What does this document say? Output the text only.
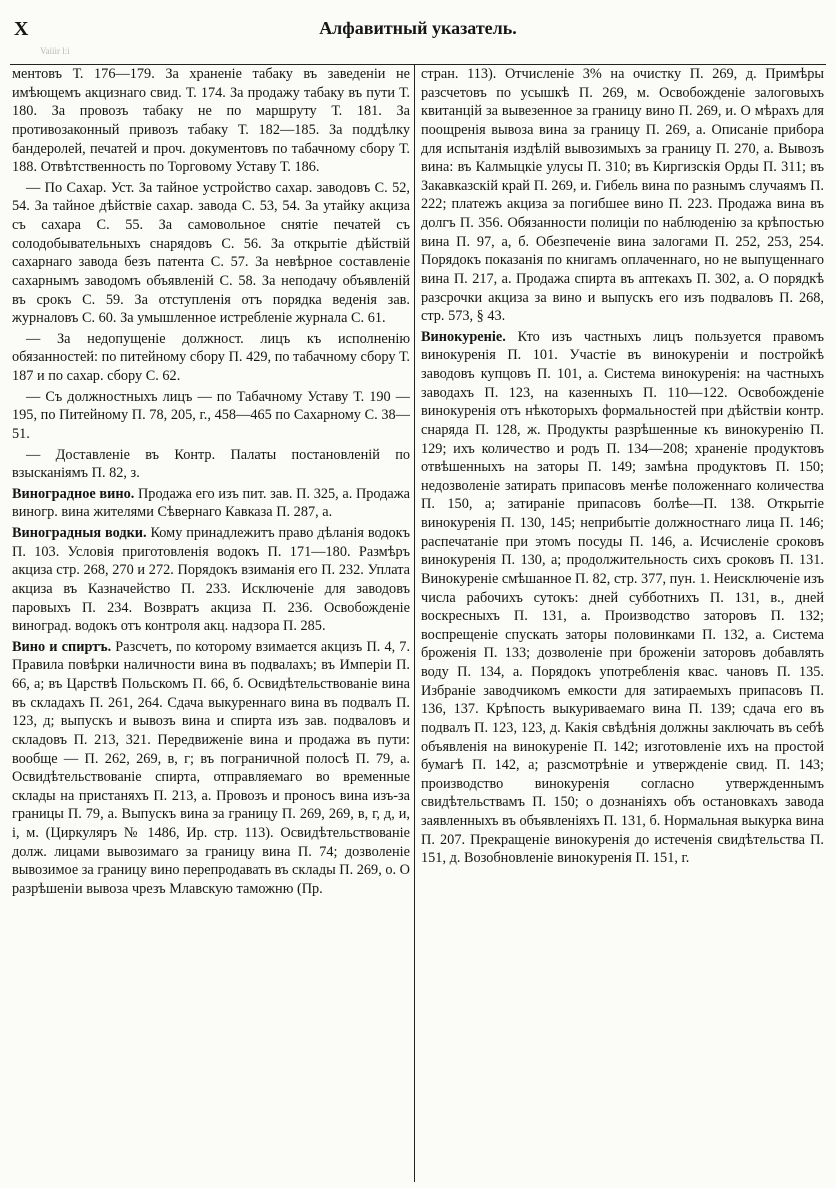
X	Алфавитный указатель.
Vaiiir l:i

ментовъ Т. 176—179. За храненіе табаку въ заведеніи не имѣющемъ акцизнаго свид. Т. 174. За продажу табаку въ пути Т. 180. За провозъ табаку не по маршруту Т. 181. За противозаконный привозъ табаку Т. 182—185. За поддѣлку бандеролей, печатей и проч. документовъ по табачному сбору Т. 188. Отвѣтственность по Торговому Уставу Т. 186.

— По Сахар. Уст. За тайное устройство сахар. заводовъ С. 52, 54. За тайное дѣйствіе сахар. завода С. 53, 54. За утайку акциза съ сахара С. 55. За самовольное снятіе печатей съ солодобывательныхъ снарядовъ С. 56. За открытіе дѣйствій сахарнаго завода безъ патента С. 57. За невѣрное составленіе сахарнымъ заводомъ объявленій С. 58. За неподачу объявленій въ срокъ С. 59. За отступленія отъ порядка веденія зав. журналовъ С. 60. За умышленное истребленіе журнала С. 61.

— За недопущеніе должност. лицъ къ исполненію обязанностей: по питейному сбору П. 429, по табачному сбору Т. 187 и по сахар. сбору С. 62.

— Съ должностныхъ лицъ — по Табачному Уставу Т. 190 — 195, по Питейному П. 78, 205, г., 458—465 по Сахарному С. 38—51.

— Доставленіе въ Контр. Палаты постановленій по взысканіямъ П. 82, з.

Виноградное вино. Продажа его изъ пит. зав. П. 325, а. Продажа виногр. вина жителями Сѣвернаго Кавказа П. 287, а.

Виноградныя водки. Кому принадлежитъ право дѣланія водокъ П. 103. Условія приготовленія водокъ П. 171—180. Размѣръ акциза стр. 268, 270 и 272. Порядокъ взиманія его П. 232. Уплата акциза въ Казначейство П. 233. Исключеніе для заводовъ паровыхъ П. 234. Возвратъ акциза П. 236. Освобожденіе виноград. водокъ отъ контроля акц. надзора П. 285.

Вино и спиртъ. Разсчетъ, по которому взимается акцизъ П. 4, 7. Правила повѣрки наличности вина въ подвалахъ; въ Имперіи П. 66, а; въ Царствѣ Польскомъ П. 66, б. Освидѣтельствованіе вина въ складахъ П. 261, 264. Сдача выкуреннаго вина въ подвалъ П. 123, д; выпускъ и вывозъ вина и спирта изъ зав. подваловъ и складовъ П. 213, 321. Передвиженіе вина и продажа въ пути: вообще — П. 262, 269, в, г; въ пограничной полосѣ П. 79, а. Освидѣтельствованіе спирта, отправляемаго во временные склады на пристаняхъ П. 213, а. Провозъ и проносъ вина изъ-за границы П. 79, а. Выпускъ вина за границу П. 269, 269, в, г, д, и, і, м. (Циркуляръ № 1486, Ир. стр. 113). Освидѣтельствованіе долж. лицами вывозимаго за границу вина П. 74; дозволеніе вывозимое за границу вино перепродавать въ склады П. 269, о. О разрѣшеніи вывоза чрезъ Млавскую таможню (Пр.

стран. 113). Отчисленіе 3% на очистку П. 269, д. Примѣры разсчетовъ по усышкѣ П. 269, м. Освобожденіе залоговыхъ квитанцій за вывезенное за границу вино П. 269, и. О мѣрахъ для поощренія вывоза вина за границу П. 269, а. Описаніе прибора для испытанія издѣлій вывозимыхъ за границу П. 270, а. Вывозъ вина: въ Калмыцкіе улусы П. 310; въ Киргизскія Орды П. 311; въ Закавказскій край П. 269, и. Гибель вина по разнымъ случаямъ П. 222; платежъ акциза за погибшее вино П. 223. Продажа вина въ долгъ П. 356. Обязанности полиціи по наблюденію за крѣпостью вина П. 97, а, б. Обезпеченіе вина залогами П. 252, 253, 254. Порядокъ показанія по книгамъ оплаченнаго, но не выпущеннаго вина П. 217, а. Продажа спирта въ аптекахъ П. 302, а. О порядкѣ разсрочки акциза за вино и выпускъ его изъ подваловъ П. 268, стр. 573, § 43.

Винокуреніе. Кто изъ частныхъ лицъ пользуется правомъ винокуренія П. 101. Участіе въ винокуреніи и постройкѣ заводовъ купцовъ П. 101, а. Система винокуренія: на частныхъ заводахъ П. 123, на казенныхъ П. 110—122. Освобожденіе винокуренія отъ нѣкоторыхъ формальностей при дѣйствіи контр. снаряда П. 128, ж. Продукты разрѣшенные къ винокуренію П. 129; ихъ количество и родъ П. 134—208; храненіе продуктовъ отвѣшенныхъ на заторы П. 149; замѣна продуктовъ П. 150; недозволеніе затирать припасовъ менѣе положеннаго количества П. 150, а; затираніе припасовъ болѣе—П. 138. Открытіе винокуренія П. 130, 145; неприбытіе должностнаго лица П. 146; распечатаніе при этомъ посуды П. 146, а. Исчисленіе сроковъ винокуренія П. 130, а; продолжительность сихъ сроковъ П. 131. Винокуреніе смѣшанное П. 82, стр. 377, пун. 1. Неисключеніе изъ числа рабочихъ сутокъ: дней субботнихъ П. 131, в., дней воскресныхъ П. 131, а. Производство заторовъ П. 132; воспрещеніе спускать заторы половинками П. 132, а. Система броженія П. 133; дозволеніе при броженіи заторовъ добавлять воду П. 134, а. Порядокъ употребленія квас. чановъ П. 135. Избраніе заводчикомъ емкости для затираемыхъ припасовъ П. 136, 137. Крѣпость выкуриваемаго вина П. 139; сдача его въ подвалъ П. 123, 123, д. Какія свѣдѣнія должны заключать въ себѣ объявленія на винокуреніе П. 142; изготовленіе ихъ на простой бумагѣ П. 142, а; разсмотрѣніе и утвержденіе свид. П. 143; производство винокуренія согласно утвержденнымъ свидѣтельствамъ П. 150; о дознаніяхъ объ остановкахъ завода заявленныхъ въ объявленіяхъ П. 131, б. Нормальная выкурка вина П. 207. Прекращеніе винокуренія до истеченія свидѣтельства П. 151, д. Возобновленіе винокуренія П. 151, г.
